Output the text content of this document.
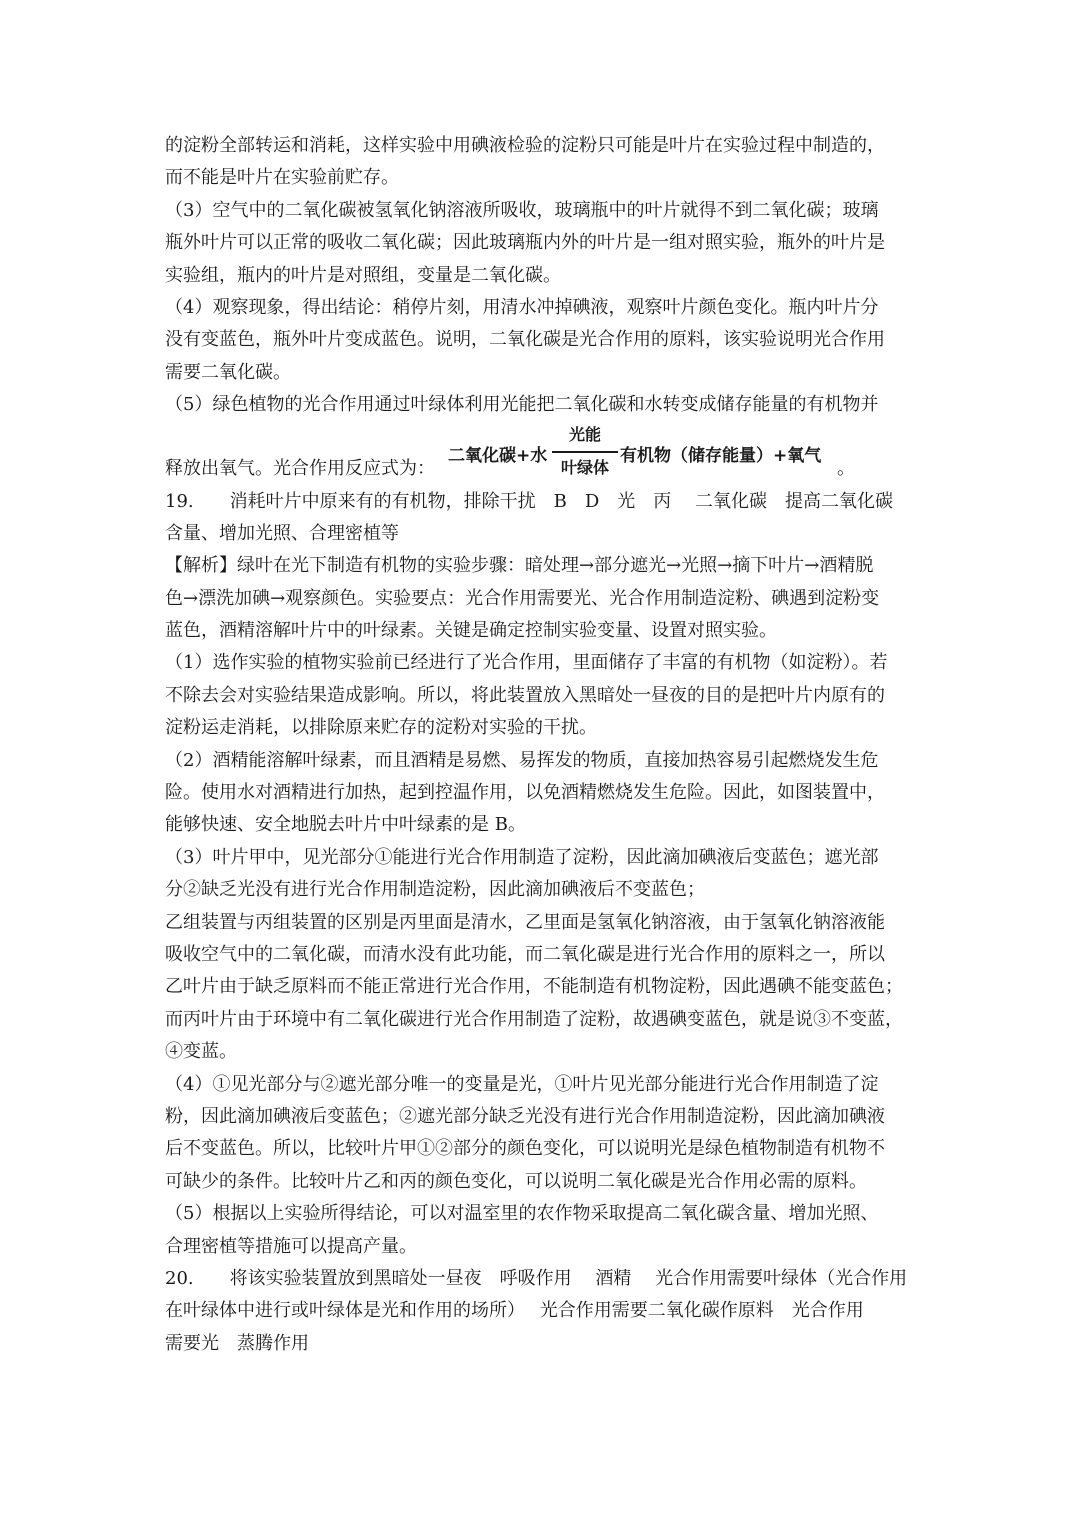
的淀粉全部转运和消耗，这样实验中用碘液检验的淀粉只可能是叶片在实验过程中制造的，
而不能是叶片在实验前贮存。
（3）空气中的二氧化碳被氢氧化钠溶液所吸收，玻璃瓶中的叶片就得不到二氧化碳；玻璃
瓶外叶片可以正常的吸收二氧化碳；因此玻璃瓶内外的叶片是一组对照实验，瓶外的叶片是
实验组，瓶内的叶片是对照组，变量是二氧化碳。
（4）观察现象，得出结论：稍停片刻，用清水冲掉碘液，观察叶片颜色变化。瓶内叶片分
没有变蓝色，瓶外叶片变成蓝色。说明，二氧化碳是光合作用的原料，该实验说明光合作用
需要二氧化碳。
（5）绿色植物的光合作用通过叶绿体利用光能把二氧化碳和水转变成储存能量的有机物并
释放出氧气。光合作用反应式为：
二氧化碳+水
光能
叶绿体
有机物（储存能量）+氧气
。
19.　　消耗叶片中原来有的有机物，排除干扰　B　D　光　丙　 二氧化碳　提高二氧化碳
含量、增加光照、合理密植等
【解析】绿叶在光下制造有机物的实验步骤：暗处理→部分遮光→光照→摘下叶片→酒精脱
色→漂洗加碘→观察颜色。实验要点：光合作用需要光、光合作用制造淀粉、碘遇到淀粉变
蓝色，酒精溶解叶片中的叶绿素。关键是确定控制实验变量、设置对照实验。
（1）选作实验的植物实验前已经进行了光合作用，里面储存了丰富的有机物（如淀粉）。若
不除去会对实验结果造成影响。所以，将此装置放入黑暗处一昼夜的目的是把叶片内原有的
淀粉运走消耗，以排除原来贮存的淀粉对实验的干扰。
（2）酒精能溶解叶绿素，而且酒精是易燃、易挥发的物质，直接加热容易引起燃烧发生危
险。使用水对酒精进行加热，起到控温作用，以免酒精燃烧发生危险。因此，如图装置中，
能够快速、安全地脱去叶片中叶绿素的是 B。
（3）叶片甲中，见光部分①能进行光合作用制造了淀粉，因此滴加碘液后变蓝色；遮光部
分②缺乏光没有进行光合作用制造淀粉，因此滴加碘液后不变蓝色；
乙组装置与丙组装置的区别是丙里面是清水，乙里面是氢氧化钠溶液，由于氢氧化钠溶液能
吸收空气中的二氧化碳，而清水没有此功能，而二氧化碳是进行光合作用的原料之一，所以
乙叶片由于缺乏原料而不能正常进行光合作用，不能制造有机物淀粉，因此遇碘不能变蓝色；
而丙叶片由于环境中有二氧化碳进行光合作用制造了淀粉，故遇碘变蓝色，就是说③不变蓝，
④变蓝。
（4）①见光部分与②遮光部分唯一的变量是光，①叶片见光部分能进行光合作用制造了淀
粉，因此滴加碘液后变蓝色；②遮光部分缺乏光没有进行光合作用制造淀粉，因此滴加碘液
后不变蓝色。所以，比较叶片甲①②部分的颜色变化，可以说明光是绿色植物制造有机物不
可缺少的条件。比较叶片乙和丙的颜色变化，可以说明二氧化碳是光合作用必需的原料。
（5）根据以上实验所得结论，可以对温室里的农作物采取提高二氧化碳含量、增加光照、
合理密植等措施可以提高产量。
20.　　将该实验装置放到黑暗处一昼夜　呼吸作用　 酒精　 光合作用需要叶绿体（光合作用
在叶绿体中进行或叶绿体是光和作用的场所）　 光合作用需要二氧化碳作原料　光合作用
需要光　蒸腾作用
